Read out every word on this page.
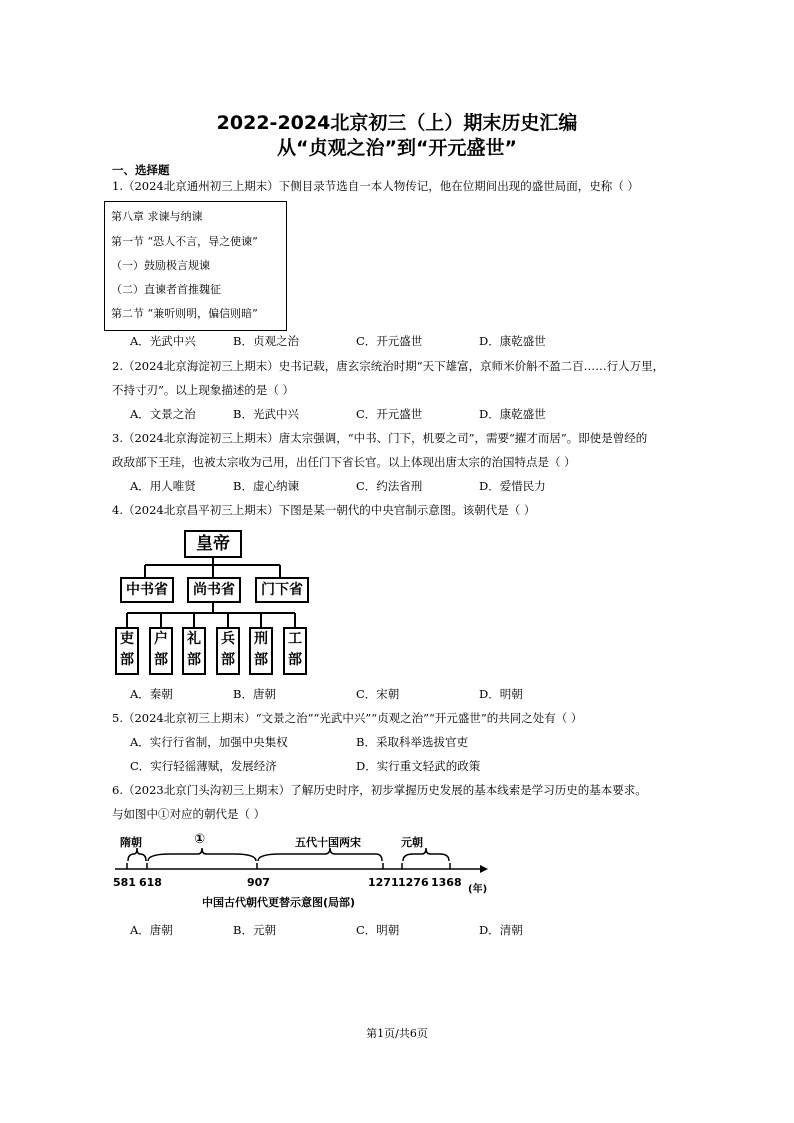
2022-2024北京初三（上）期末历史汇编
从“贞观之治”到“开元盛世”
一、选择题
1.（2024北京通州初三上期末）下侧目录节选自一本人物传记，他在位期间出现的盛世局面，史称（ ）
第八章 求谏与纳谏
第一节 “恐人不言，导之使谏”
（一）鼓励极言规谏
（二）直谏者首推魏征
第二节 “兼听则明，偏信则暗”
A．光武中兴	B．贞观之治	C．开元盛世	D．康乾盛世
2.（2024北京海淀初三上期末）史书记载，唐玄宗统治时期“天下雄富，京师米价斛不盈二百……行人万里，
不持寸刃”。以上现象描述的是（ ）
A．文景之治	B．光武中兴	C．开元盛世	D．康乾盛世
3.（2024北京海淀初三上期末）唐太宗强调，“中书、门下，机要之司”，需要“擢才而居”。即使是曾经的
政敌部下王珪，也被太宗收为己用，出任门下省长官。以上体现出唐太宗的治国特点是（ ）
A．用人唯贤	B．虚心纳谏	C．约法省刑	D．爱惜民力
4.（2024北京昌平初三上期末）下图是某一朝代的中央官制示意图。该朝代是（ ）
皇帝
中书省	尚书省	门下省
吏
部
户
部
礼
部
兵
部
刑
部
工
部
A．秦朝	B．唐朝	C．宋朝	D．明朝
5.（2024北京初三上期末）“文景之治”“光武中兴”“贞观之治”“开元盛世”的共同之处有（ ）
A．实行行省制，加强中央集权	B．采取科举选拔官吏
C．实行轻徭薄赋，发展经济	D．实行重文轻武的政策
6.（2023北京门头沟初三上期末）了解历史时序，初步掌握历史发展的基本线索是学习历史的基本要求。
与如图中①对应的朝代是（ ）
隋朝	①	五代十国两宋	元朝
581 618	907	1271 1276 1368
(年)
中国古代朝代更替示意图(局部)
A．唐朝	B．元朝	C．明朝	D．清朝
第1页/共6页
